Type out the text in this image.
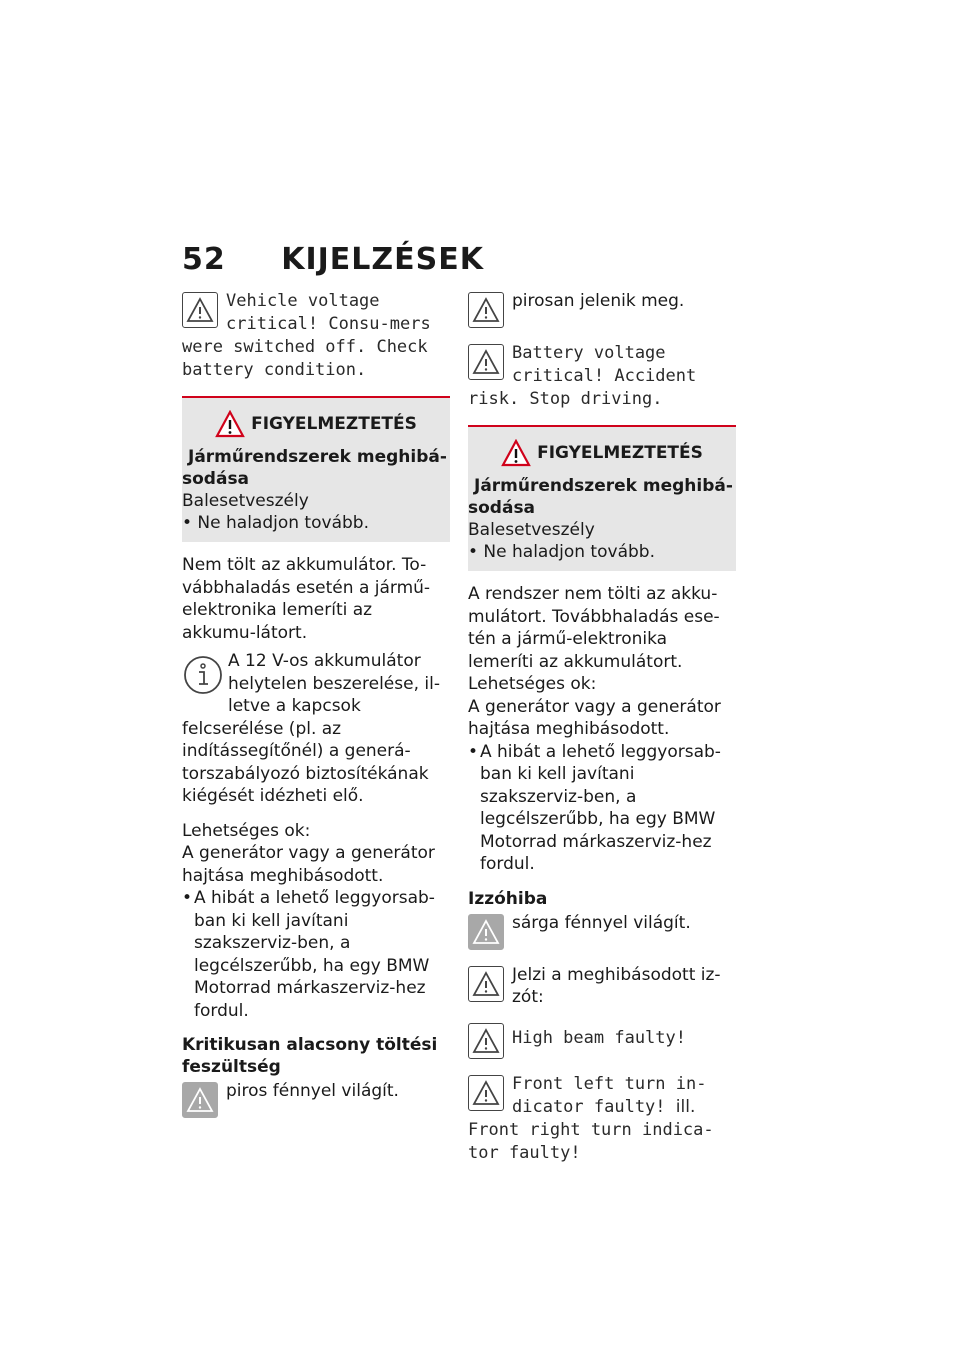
52 KIJELZÉSEK
Vehicle voltage critical! Consu-mers were switched off. Check battery condition.
FIGYELMEZTETÉS
Járműrendszerek meghibá-
sodása

Balesetveszély

• Ne haladjon tovább.

Nem tölt az akkumulátor. To-vábbhaladás esetén a jármű-elektronika lemeríti az akkumu-látort.

A 12 V-os akkumulátor helytelen beszerelése, il-letve a kapcsok felcserélése (pl. az indítássegítőnél) a generá-torszabályozó biztosítékának kiégését idézheti elő.

Lehetséges ok:

A generátor vagy a generátor hajtása meghibásodott.

• A hibát a lehető leggyorsab-ban ki kell javítani szakszerviz-ben, a legcélszerűbb, ha egy BMW Motorrad márkaszerviz-hez fordul.

Kritikusan alacsony töltési feszültség

piros fénnyel világít.

pirosan jelenik meg.

Battery voltage critical! Accident risk. Stop driving.
FIGYELMEZTETÉS
Járműrendszerek meghibá-
sodása

Balesetveszély

• Ne haladjon tovább.

A rendszer nem tölti az akku-mulátort. Továbbhaladás ese-tén a jármű-elektronika lemeríti az akkumulátort.

Lehetséges ok:

A generátor vagy a generátor hajtása meghibásodott.

• A hibát a lehető leggyorsab-ban ki kell javítani szakszerviz-ben, a legcélszerűbb, ha egy BMW Motorrad márkaszerviz-hez fordul.

Izzóhiba

sárga fénnyel világít.

Jelzi a meghibásodott iz-zót:

High beam faulty!
Front left turn in-dicator faulty! ill. Front right turn indica-tor faulty!
